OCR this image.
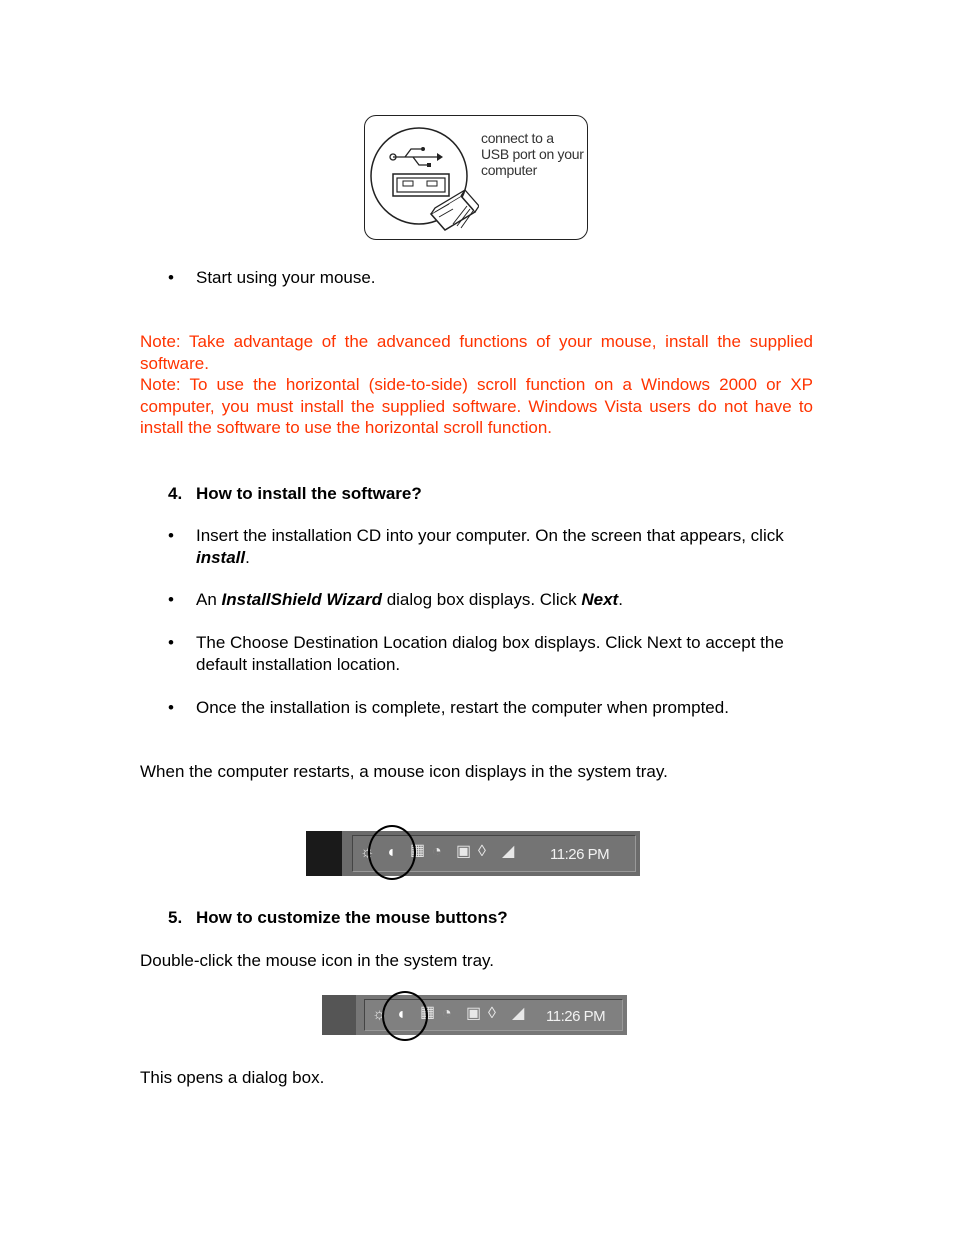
connect to a USB port on your computer
• Start using your mouse.
Note: Take advantage of the advanced functions of your mouse, install the supplied software.
Note: To use the horizontal (side-to-side) scroll function on a Windows 2000 or XP computer, you must install the supplied software. Windows Vista users do not have to install the software to use the horizontal scroll function.
4. How to install the software?
• Insert the installation CD into your computer. On the screen that appears, click install.
• An InstallShield Wizard dialog box displays. Click Next.
• The Choose Destination Location dialog box displays. Click Next to accept the default installation location.
• Once the installation is complete, restart the computer when prompted.
When the computer restarts, a mouse icon displays in the system tray.
☼ ◖ ▦ ◔ ▣ ◊ ◢ 11:26 PM
5. How to customize the mouse buttons?
Double-click the mouse icon in the system tray.
☼ ◖ ▦ ◔ ▣ ◊ ◢ 11:26 PM
This opens a dialog box.
